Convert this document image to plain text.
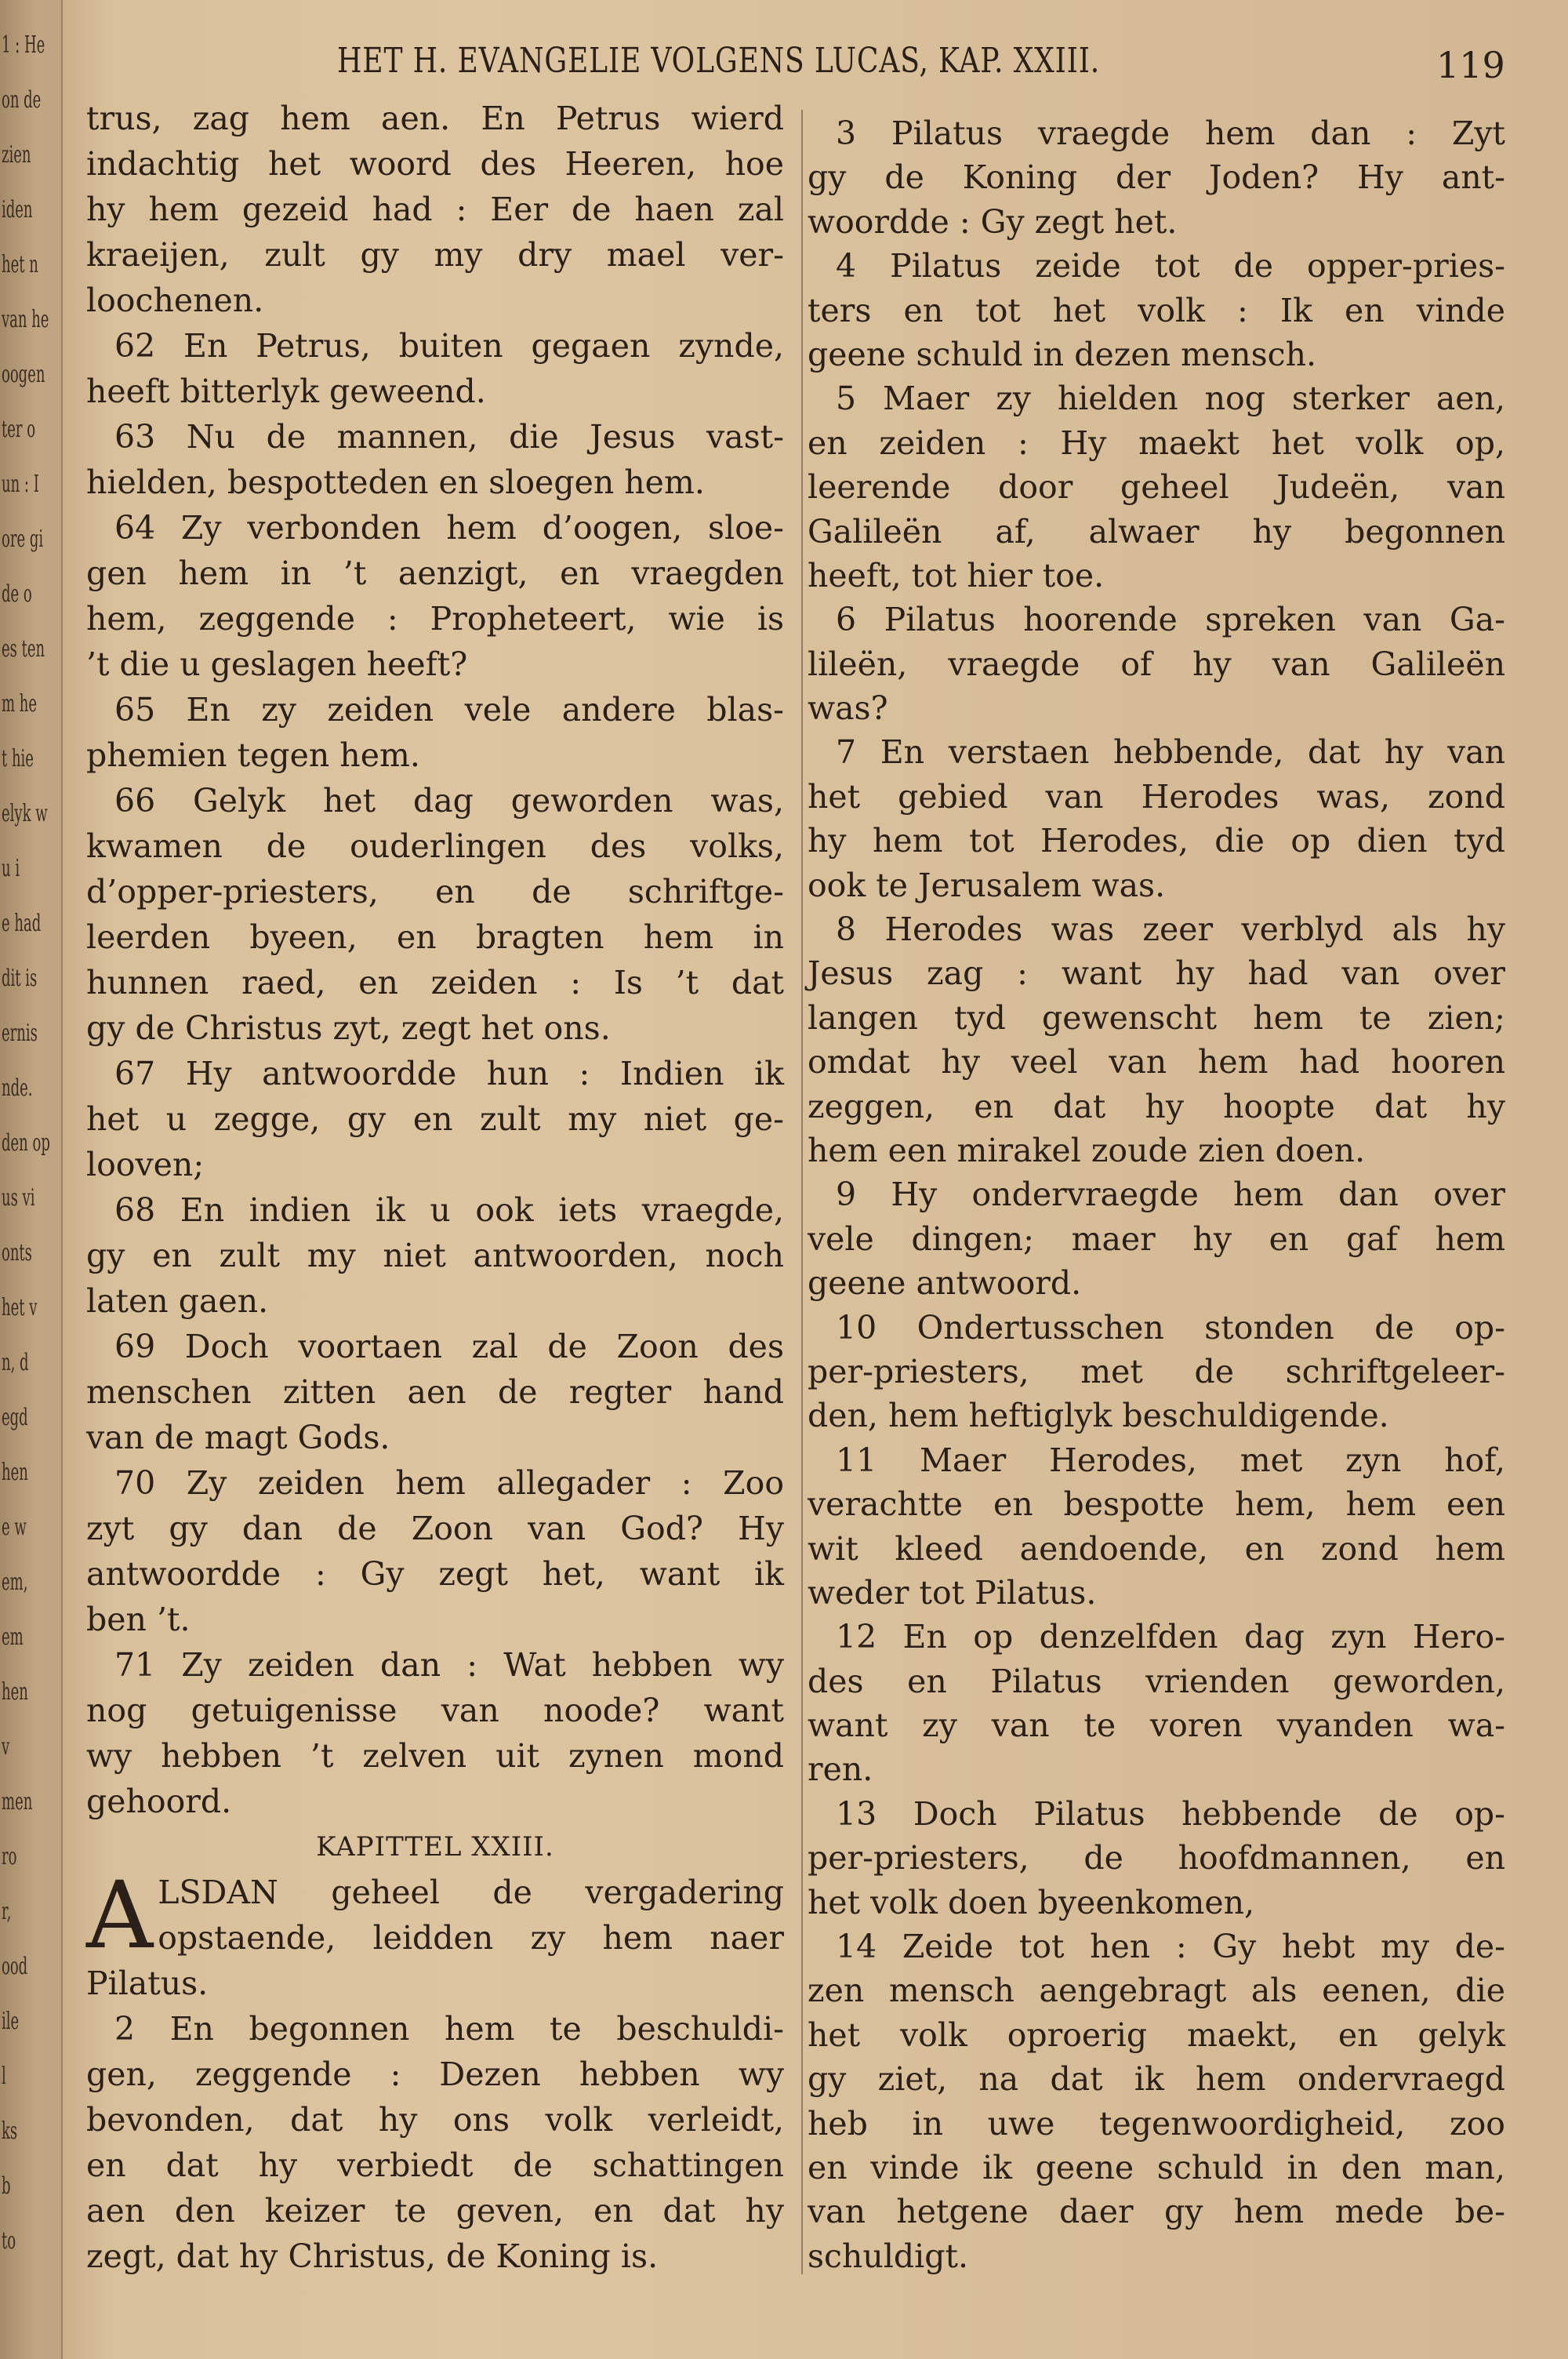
1 : He
on de
zien
iden
het n
van he
oogen
ter o
un : I
ore gi
de o
es ten
m he
t hie
elyk w
u i
e had
dit is
ernis
nde.
den op
us vi
onts
het v
n, d
egd
hen
e w
em,
em
hen
v
men
ro
r,
ood
ile
l
ks
b
to
HET H. EVANGELIE VOLGENS LUCAS, KAP. XXIII.	119
trus, zag hem aen. En Petrus wierd
indachtig het woord des Heeren, hoe
hy hem gezeid had : Eer de haen zal
kraeijen, zult gy my dry mael ver-
loochenen.
62 En Petrus, buiten gegaen zynde,
heeft bitterlyk geweend.
63 Nu de mannen, die Jesus vast-
hielden, bespotteden en sloegen hem.
64 Zy verbonden hem d’oogen, sloe-
gen hem in ’t aenzigt, en vraegden
hem, zeggende : Propheteert, wie is
’t die u geslagen heeft?
65 En zy zeiden vele andere blas-
phemien tegen hem.
66 Gelyk het dag geworden was,
kwamen de ouderlingen des volks,
d’opper-priesters, en de schriftge-
leerden byeen, en bragten hem in
hunnen raed, en zeiden : Is ’t dat
gy de Christus zyt, zegt het ons.
67 Hy antwoordde hun : Indien ik
het u zegge, gy en zult my niet ge-
looven;
68 En indien ik u ook iets vraegde,
gy en zult my niet antwoorden, noch
laten gaen.
69 Doch voortaen zal de Zoon des
menschen zitten aen de regter hand
van de magt Gods.
70 Zy zeiden hem allegader : Zoo
zyt gy dan de Zoon van God? Hy
antwoordde : Gy zegt het, want ik
ben ’t.
71 Zy zeiden dan : Wat hebben wy
nog getuigenisse van noode? want
wy hebben ’t zelven uit zynen mond
gehoord.
KAPITTEL XXIII.
A LSDAN geheel de vergadering
opstaende, leidden zy hem naer
Pilatus.
2 En begonnen hem te beschuldi-
gen, zeggende : Dezen hebben wy
bevonden, dat hy ons volk verleidt,
en dat hy verbiedt de schattingen
aen den keizer te geven, en dat hy
zegt, dat hy Christus, de Koning is.
3 Pilatus vraegde hem dan : Zyt
gy de Koning der Joden? Hy ant-
woordde : Gy zegt het.
4 Pilatus zeide tot de opper-pries-
ters en tot het volk : Ik en vinde
geene schuld in dezen mensch.
5 Maer zy hielden nog sterker aen,
en zeiden : Hy maekt het volk op,
leerende door geheel Judeën, van
Galileën af, alwaer hy begonnen
heeft, tot hier toe.
6 Pilatus hoorende spreken van Ga-
lileën, vraegde of hy van Galileën
was?
7 En verstaen hebbende, dat hy van
het gebied van Herodes was, zond
hy hem tot Herodes, die op dien tyd
ook te Jerusalem was.
8 Herodes was zeer verblyd als hy
Jesus zag : want hy had van over
langen tyd gewenscht hem te zien;
omdat hy veel van hem had hooren
zeggen, en dat hy hoopte dat hy
hem een mirakel zoude zien doen.
9 Hy ondervraegde hem dan over
vele dingen; maer hy en gaf hem
geene antwoord.
10 Ondertusschen stonden de op-
per-priesters, met de schriftgeleer-
den, hem heftiglyk beschuldigende.
11 Maer Herodes, met zyn hof,
verachtte en bespotte hem, hem een
wit kleed aendoende, en zond hem
weder tot Pilatus.
12 En op denzelfden dag zyn Hero-
des en Pilatus vrienden geworden,
want zy van te voren vyanden wa-
ren.
13 Doch Pilatus hebbende de op-
per-priesters, de hoofdmannen, en
het volk doen byeenkomen,
14 Zeide tot hen : Gy hebt my de-
zen mensch aengebragt als eenen, die
het volk oproerig maekt, en gelyk
gy ziet, na dat ik hem ondervraegd
heb in uwe tegenwoordigheid, zoo
en vinde ik geene schuld in den man,
van hetgene daer gy hem mede be-
schuldigt.
